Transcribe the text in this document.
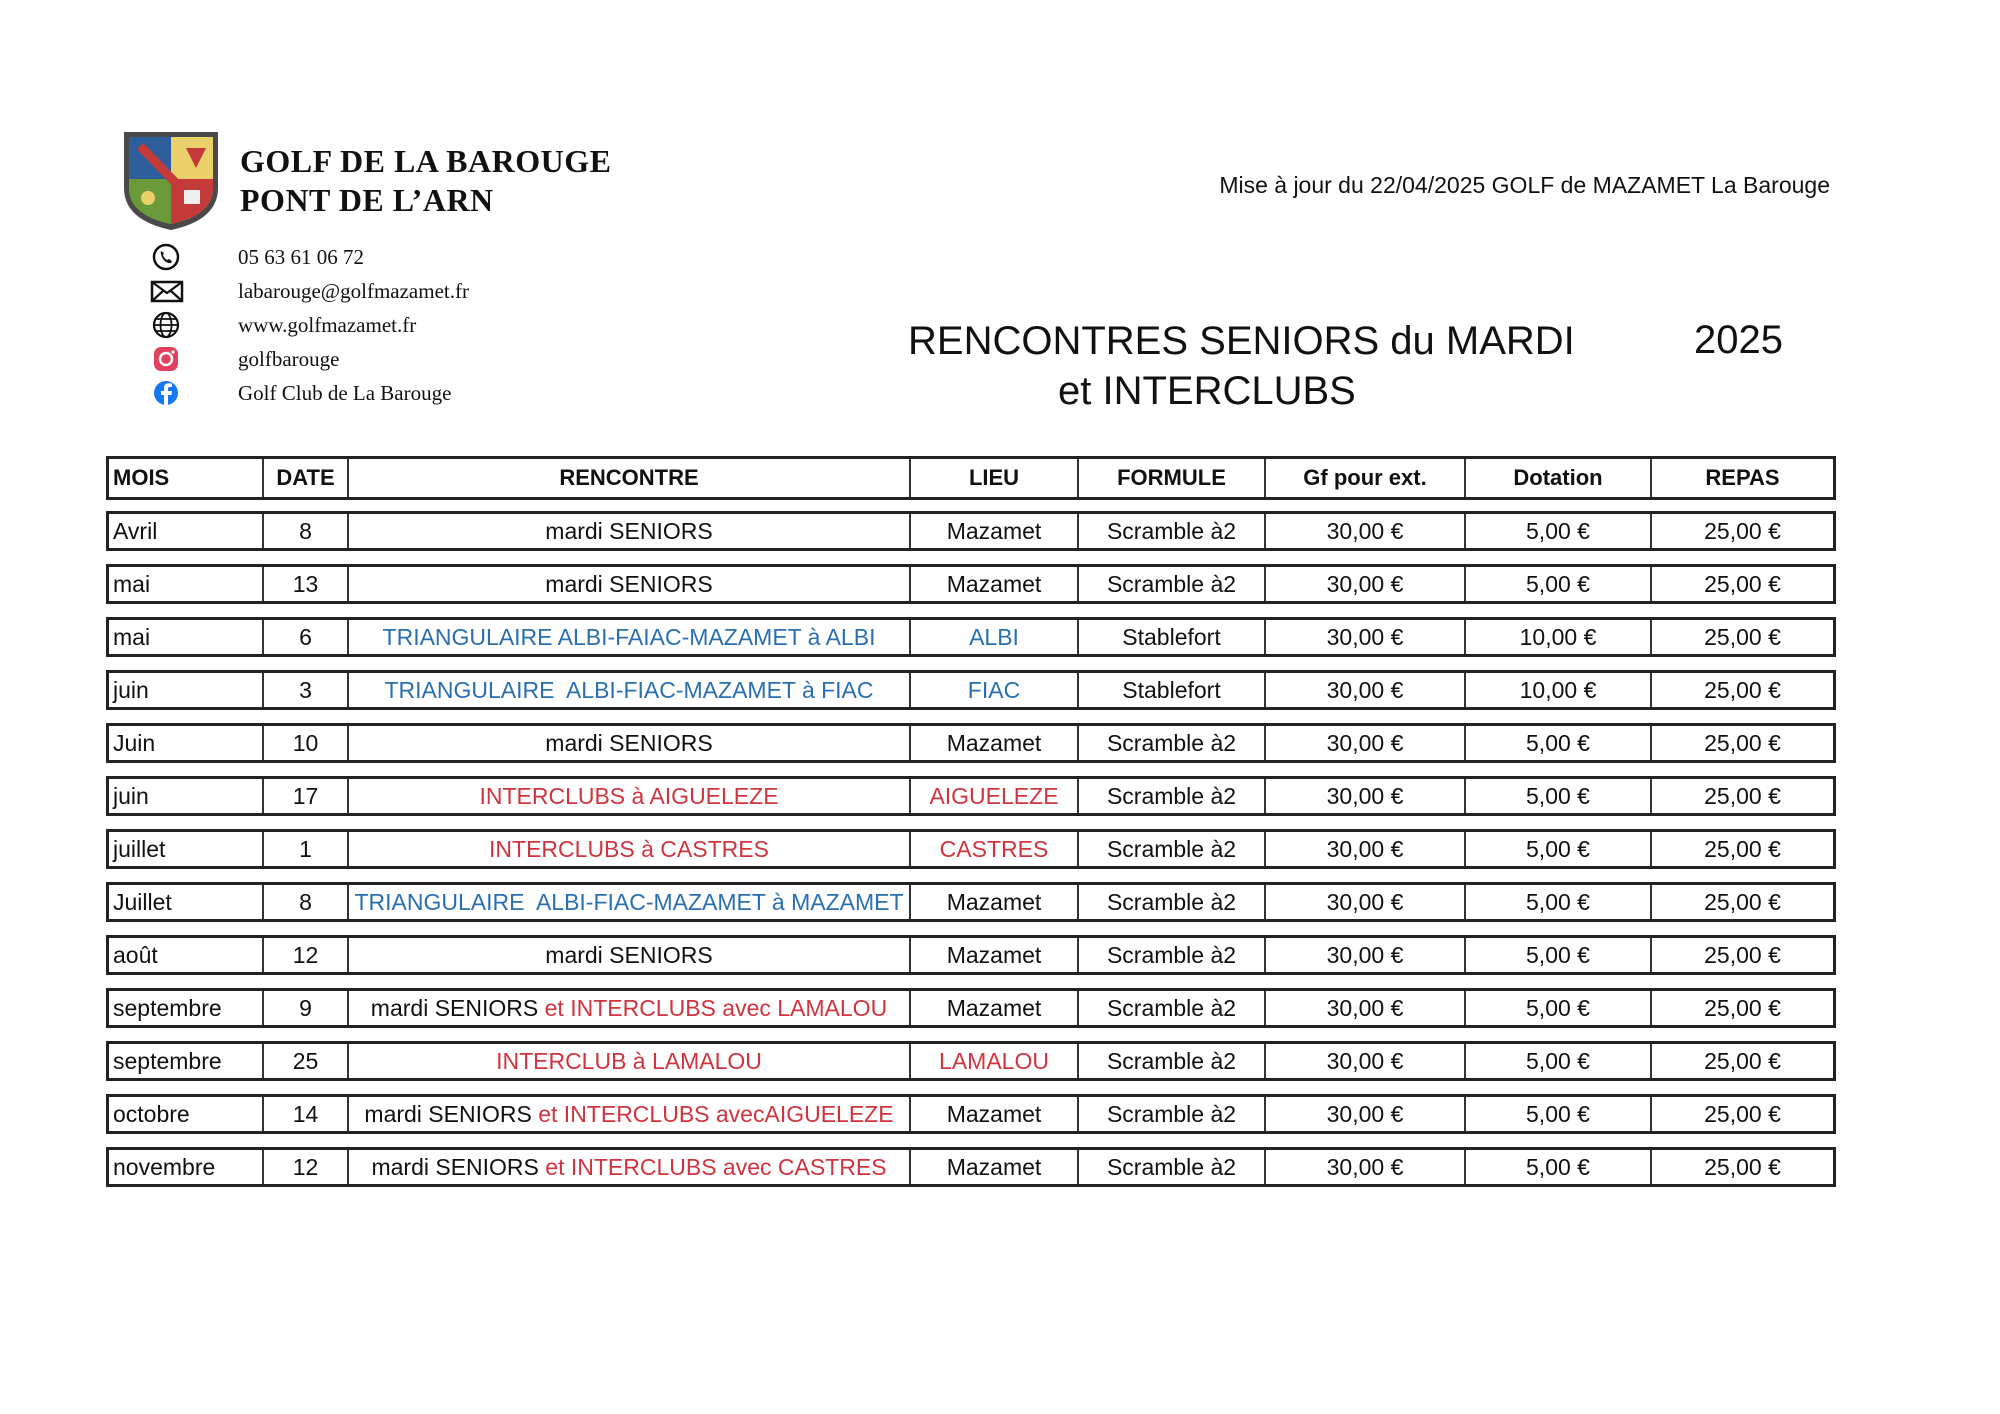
GOLF DE LA BAROUGE
PONT DE L’ARN
05 63 61 06 72
labarouge@golfmazamet.fr
www.golfmazamet.fr
golfbarouge
Golf Club de La Barouge
Mise à jour du 22/04/2025 GOLF de MAZAMET La Barouge
RENCONTRES SENIORS du MARDI
et INTERCLUBS
2025
MOIS	DATE	RENCONTRE	LIEU	FORMULE	Gf pour ext.	Dotation	REPAS
Avril	8	mardi SENIORS	Mazamet	Scramble à2	30,00 €	5,00 €	25,00 €
mai	13	mardi SENIORS	Mazamet	Scramble à2	30,00 €	5,00 €	25,00 €
mai	6	TRIANGULAIRE ALBI-FAIAC-MAZAMET à ALBI	ALBI	Stablefort	30,00 €	10,00 €	25,00 €
juin	3	TRIANGULAIRE  ALBI-FIAC-MAZAMET à FIAC	FIAC	Stablefort	30,00 €	10,00 €	25,00 €
Juin	10	mardi SENIORS	Mazamet	Scramble à2	30,00 €	5,00 €	25,00 €
juin	17	INTERCLUBS à AIGUELEZE	AIGUELEZE	Scramble à2	30,00 €	5,00 €	25,00 €
juillet	1	INTERCLUBS à CASTRES	CASTRES	Scramble à2	30,00 €	5,00 €	25,00 €
Juillet	8	TRIANGULAIRE  ALBI-FIAC-MAZAMET à MAZAMET	Mazamet	Scramble à2	30,00 €	5,00 €	25,00 €
août	12	mardi SENIORS	Mazamet	Scramble à2	30,00 €	5,00 €	25,00 €
septembre	9	mardi SENIORS et INTERCLUBS avec LAMALOU	Mazamet	Scramble à2	30,00 €	5,00 €	25,00 €
septembre	25	INTERCLUB à LAMALOU	LAMALOU	Scramble à2	30,00 €	5,00 €	25,00 €
octobre	14	mardi SENIORS et INTERCLUBS avecAIGUELEZE	Mazamet	Scramble à2	30,00 €	5,00 €	25,00 €
novembre	12	mardi SENIORS et INTERCLUBS avec CASTRES	Mazamet	Scramble à2	30,00 €	5,00 €	25,00 €
